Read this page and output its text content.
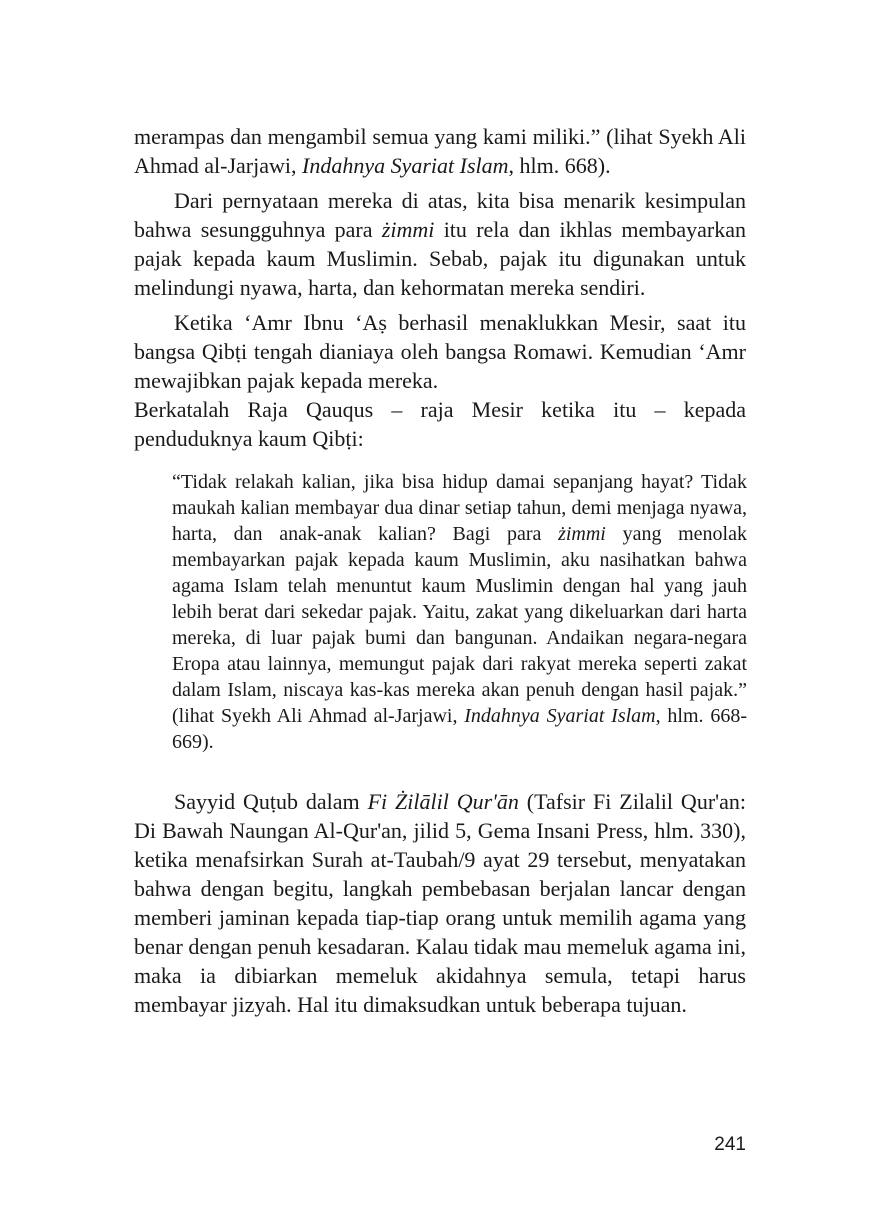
merampas dan mengambil semua yang kami miliki.” (lihat Syekh Ali Ahmad al-Jarjawi, Indahnya Syariat Islam, hlm. 668).

Dari pernyataan mereka di atas, kita bisa menarik kesimpulan bahwa sesungguhnya para żimmi itu rela dan ikhlas membayarkan pajak kepada kaum Muslimin. Sebab, pajak itu digunakan untuk melindungi nyawa, harta, dan kehormatan mereka sendiri.

Ketika ‘Amr Ibnu ‘Aṣ berhasil menaklukkan Mesir, saat itu bangsa Qibṭi tengah dianiaya oleh bangsa Romawi. Kemudian ‘Amr mewajibkan pajak kepada mereka.

Berkatalah Raja Qauqus – raja Mesir ketika itu – kepada penduduknya kaum Qibṭi:

“Tidak relakah kalian, jika bisa hidup damai sepanjang hayat? Tidak maukah kalian membayar dua dinar setiap tahun, demi menjaga nyawa, harta, dan anak-anak kalian? Bagi para żimmi yang menolak membayarkan pajak kepada kaum Muslimin, aku nasihatkan bahwa agama Islam telah menuntut kaum Muslimin dengan hal yang jauh lebih berat dari sekedar pajak. Yaitu, zakat yang dikeluarkan dari harta mereka, di luar pajak bumi dan bangunan. Andaikan negara-negara Eropa atau lainnya, memungut pajak dari rakyat mereka seperti zakat dalam Islam, niscaya kas-kas mereka akan penuh dengan hasil pajak.” (lihat Syekh Ali Ahmad al-Jarjawi, Indahnya Syariat Islam, hlm. 668-669).

Sayyid Quṭub dalam Fi Żilālil Qur'ān (Tafsir Fi Zilalil Qur'an: Di Bawah Naungan Al-Qur'an, jilid 5, Gema Insani Press, hlm. 330), ketika menafsirkan Surah at-Taubah/9 ayat 29 tersebut, menyatakan bahwa dengan begitu, langkah pembebasan berjalan lancar dengan memberi jaminan kepada tiap-tiap orang untuk memilih agama yang benar dengan penuh kesadaran. Kalau tidak mau memeluk agama ini, maka ia dibiarkan memeluk akidahnya semula, tetapi harus membayar jizyah. Hal itu dimaksudkan untuk beberapa tujuan.

241
